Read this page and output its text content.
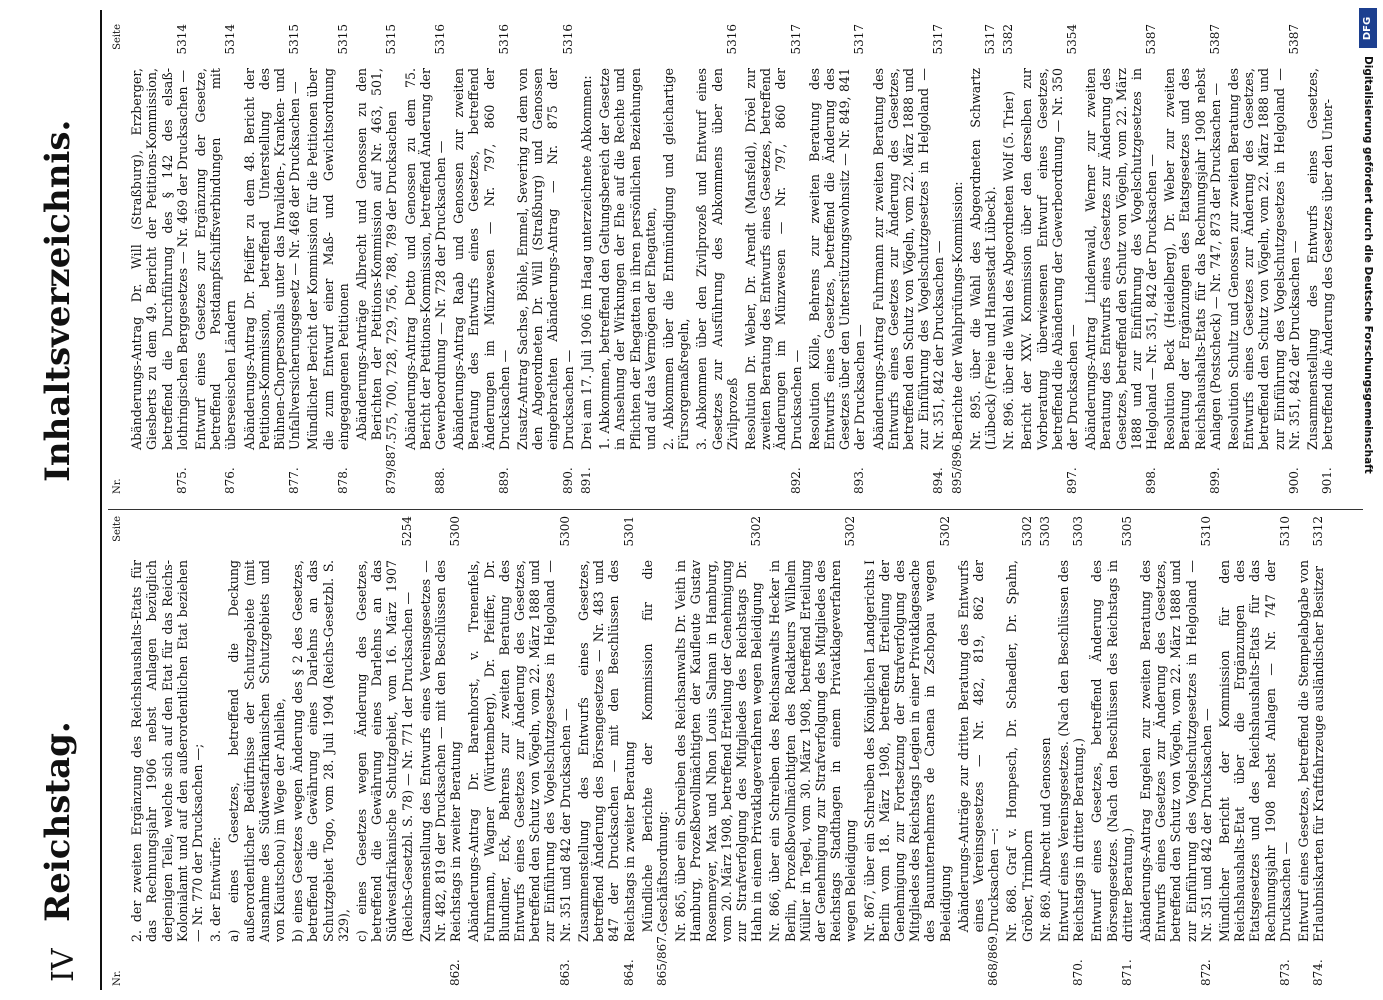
IV
Reichstag.
Inhaltsverzeichnis.
Nr.
Seite
2. der zweiten Ergänzung des Reichshaushalts-Etats für das Rechnungsjahr 1906 nebst Anlagen bezüglich derjenigen Teile, welche sich auf den Etat für das Reichs-Kolonialamt und auf den außerordentlichen Etat beziehen — Nr. 770 der Drucksachen —; 3. der Entwürfe: a) eines Gesetzes, betreffend die Deckung außerordentlicher Bedürfnisse der Schutzgebiete (mit Ausnahme des Südwestafrikanischen Schutzgebiets und von Kiautschou) im Wege der Anleihe, b) eines Gesetzes wegen Änderung des § 2 des Gesetzes, betreffend die Gewährung eines Darlehns an das Schutzgebiet Togo, vom 28. Juli 1904 (Reichs-Gesetzbl. S. 329), c) eines Gesetzes wegen Änderung des Gesetzes, betreffend die Gewährung eines Darlehns an das Südwestafrikanische Schutzgebiet, vom 16. März 1907 (Reichs-Gesetzbl. S. 78) — Nr. 771 der Drucksachen —
5254
862.
Zusammenstellung des Entwurfs eines Vereinsgesetzes — Nr. 482, 819 der Drucksachen — mit den Beschlüssen des Reichstags in zweiter Beratung
5300
863.
Abänderungs-Antrag Dr. Barenhorst, v. Trenenfels, Fuhrmann, Wagner (Württemberg), Dr. Pfeiffer, Dr. Blundiner, Eck, Behrens zur zweiten Beratung des Entwurfs eines Gesetzes zur Änderung des Gesetzes, betreffend den Schutz von Vögeln, vom 22. März 1888 und zur Einführung des Vogelschutzgesetzes in Helgoland — Nr. 351 und 842 der Drucksachen —
5300
864.
Zusammenstellung des Entwurfs eines Gesetzes, betreffend Änderung des Börsengesetzes — Nr. 483 und 847 der Drucksachen — mit den Beschlüssen des Reichstags in zweiter Beratung
5301
865/867.
Mündliche Berichte der Kommission für die Geschäftsordnung: Nr. 865, über ein Schreiben des Reichsanwalts Dr. Veith in Hamburg, Prozeßbevollmächtigten der Kaufleute Gustav Rosenmeyer, Max und Nhon Louis Salman in Hamburg, vom 20. März 1908, betreffend Erteilung der Genehmigung zur Strafverfolgung des Mitgliedes des Reichstags Dr. Hahn in einem Privatklageverfahren wegen Beleidigung
5302
Nr. 866, über ein Schreiben des Reichsanwalts Hecker in Berlin, Prozeßbevollmächtigten des Redakteurs Wilhelm Müller in Tegel, vom 30. März 1908, betreffend Erteilung der Genehmigung zur Strafverfolgung des Mitgliedes des Reichstags Stadthagen in einem Privatklageverfahren wegen Beleidigung
5302
Nr. 867, über ein Schreiben des Königlichen Landgerichts I Berlin vom 18. März 1908, betreffend Erteilung der Genehmigung zur Fortsetzung der Strafverfolgung des Mitgliedes des Reichstags Legien in einer Privatklagesache des Bauunternehmers de Canena in Zschopau wegen Beleidigung
5302
868/869.
Abänderungs-Anträge zur dritten Beratung des Entwurfs eines Vereinsgesetzes — Nr. 482, 819, 862 der Drucksachen —: Nr. 868. Graf v. Hompesch, Dr. Schaedler, Dr. Spahn, Gröber, Trimborn
5302
Nr. 869. Albrecht und Genossen
5303
870.
Entwurf eines Vereinsgesetzes. (Nach den Beschlüssen des Reichstags in dritter Beratung.)
5303
871.
Entwurf eines Gesetzes, betreffend Änderung des Börsengesetzes. (Nach den Beschlüssen des Reichstags in dritter Beratung.)
5305
872.
Abänderungs-Antrag Engelen zur zweiten Beratung des Entwurfs eines Gesetzes zur Änderung des Gesetzes, betreffend den Schutz von Vögeln, vom 22. März 1888 und zur Einführung des Vogelschutzgesetzes in Helgoland — Nr. 351 und 842 der Drucksachen —
5310
873.
Mündlicher Bericht der Kommission für den Reichshaushalts-Etat über die Ergänzungen des Etatsgesetzes und des Reichshaushalts-Etats für das Rechnungsjahr 1908 nebst Anlagen — Nr. 747 der Drucksachen —
5310
874.
Entwurf eines Gesetzes, betreffend die Stempelabgabe von Erlaubniskarten für Kraftfahrzeuge ausländischer Besitzer
5312
Nr.
Seite
875.
Abänderungs-Antrag Dr. Will (Straßburg), Erzberger, Giesberts zu dem 49. Bericht der Petitions-Kommission, betreffend die Durchführung des § 142 des elsaß-lothringischen Berggesetzes — Nr. 469 der Drucksachen —
5314
876.
Entwurf eines Gesetzes zur Ergänzung der Gesetze, betreffend Postdampfschiffsverbindungen mit überseeischen Ländern
5314
877.
Abänderungs-Antrag Dr. Pfeiffer zu dem 48. Bericht der Petitions-Kommission, betreffend Unterstellung des Bühnen-Chorpersonals unter das Invaliden-, Kranken- und Unfallversicherungsgesetz — Nr. 468 der Drucksachen —
5315
878.
Mündlicher Bericht der Kommission für die Petitionen über die zum Entwurf einer Maß- und Gewichtsordnung eingegangenen Petitionen
5315
879/887.
Abänderungs-Anträge Albrecht und Genossen zu den Berichten der Petitions-Kommission auf Nr. 463, 501, 575, 700, 728, 729, 756, 788, 789 der Drucksachen
5315
888.
Abänderungs-Antrag Detto und Genossen zu dem 75. Bericht der Petitions-Kommission, betreffend Änderung der Gewerbeordnung — Nr. 728 der Drucksachen —
5316
889.
Abänderungs-Antrag Raab und Genossen zur zweiten Beratung des Entwurfs eines Gesetzes, betreffend Änderungen im Münzwesen — Nr. 797, 860 der Drucksachen —
5316
890.
Zusatz-Antrag Sachse, Böhle, Emmel, Severing zu dem von den Abgeordneten Dr. Will (Straßburg) und Genossen eingebrachten Abänderungs-Antrag — Nr. 875 der Drucksachen —
5316
891.
Drei am 17. Juli 1906 im Haag unterzeichnete Abkommen: 1. Abkommen, betreffend den Geltungsbereich der Gesetze in Ansehung der Wirkungen der Ehe auf die Rechte und Pflichten der Ehegatten in ihren persönlichen Beziehungen und auf das Vermögen der Ehegatten, 2. Abkommen über die Entmündigung und gleichartige Fürsorgemaßregeln, 3. Abkommen über den Zivilprozeß und Entwurf eines Gesetzes zur Ausführung des Abkommens über den Zivilprozeß
5316
892.
Resolution Dr. Weber, Dr. Arendt (Mansfeld), Dröel zur zweiten Beratung des Entwurfs eines Gesetzes, betreffend Änderungen im Münzwesen — Nr. 797, 860 der Drucksachen —
5317
893.
Resolution Kölle, Behrens zur zweiten Beratung des Entwurfs eines Gesetzes, betreffend die Änderung des Gesetzes über den Unterstützungswohnsitz — Nr. 849, 841 der Drucksachen —
5317
894.
Abänderungs-Antrag Fuhrmann zur zweiten Beratung des Entwurfs eines Gesetzes zur Änderung des Gesetzes, betreffend den Schutz von Vögeln, vom 22. März 1888 und zur Einführung des Vogelschutzgesetzes in Helgoland — Nr. 351, 842 der Drucksachen —
5317
895/896.
Berichte der Wahlprüfungs-Kommission: Nr. 895. über die Wahl des Abgeordneten Schwartz (Lübeck) (Freie und Hansestadt Lübeck).
5317
Nr. 896. über die Wahl des Abgeordneten Wolf (5. Trier)
5382
897.
Bericht der XXV. Kommission über den derselben zur Vorberatung überwiesenen Entwurf eines Gesetzes, betreffend die Abänderung der Gewerbeordnung — Nr. 350 der Drucksachen —
5354
898.
Abänderungs-Antrag Lindenwald, Werner zur zweiten Beratung des Entwurfs eines Gesetzes zur Änderung des Gesetzes, betreffend den Schutz von Vögeln, vom 22. März 1888 und zur Einführung des Vogelschutzgesetzes in Helgoland — Nr. 351, 842 der Drucksachen —
5387
899.
Resolution Beck (Heidelberg), Dr. Weber zur zweiten Beratung der Ergänzungen des Etatsgesetzes und des Reichshaushalts-Etats für das Rechnungsjahr 1908 nebst Anlagen (Postscheck) — Nr. 747, 873 der Drucksachen —
5387
900.
Resolution Schultz und Genossen zur zweiten Beratung des Entwurfs eines Gesetzes zur Änderung des Gesetzes, betreffend den Schutz von Vögeln, vom 22. März 1888 und zur Einführung des Vogelschutzgesetzes in Helgoland — Nr. 351, 842 der Drucksachen —
5387
901.
Zusammenstellung des Entwurfs eines Gesetzes, betreffend die Änderung des Gesetzes über den Unter-
DFG
Digitalisierung gefördert durch die Deutsche Forschungsgemeinschaft
